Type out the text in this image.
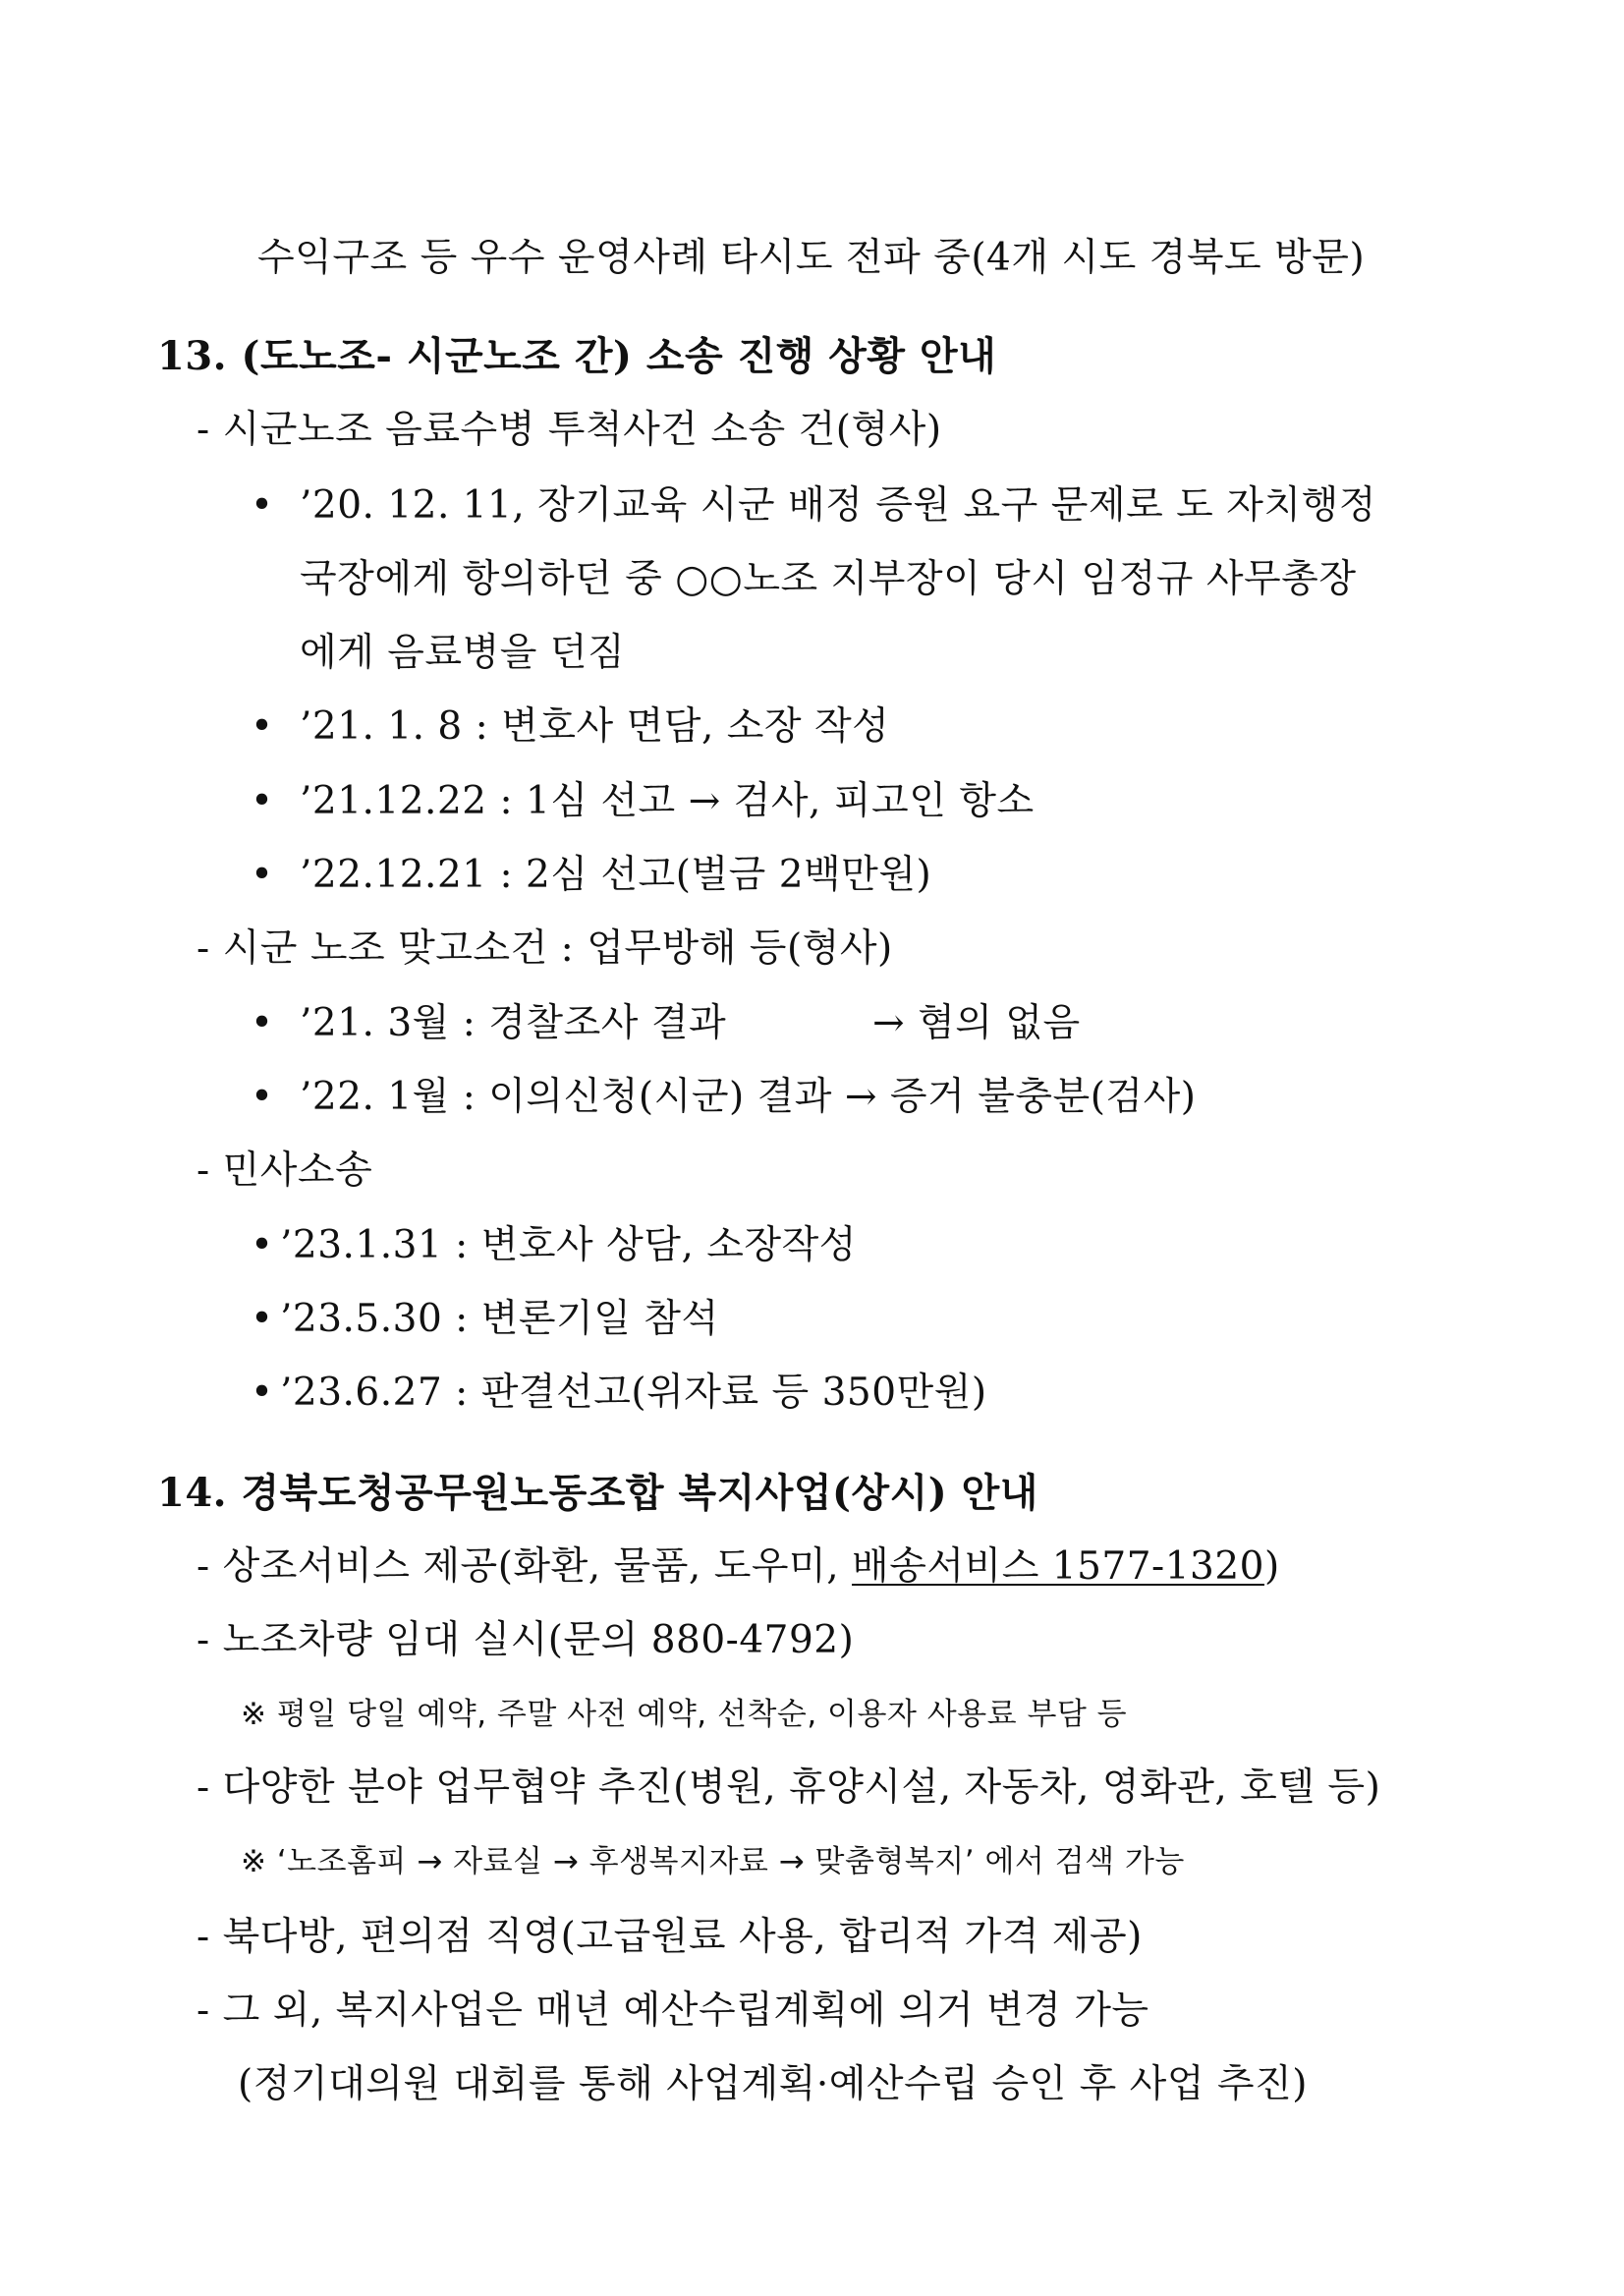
수익구조 등 우수 운영사례 타시도 전파 중(4개 시도 경북도 방문)
13. (도노조- 시군노조 간) 소송 진행 상황 안내
- 시군노조 음료수병 투척사건 소송 건(형사)
• ’20. 12. 11, 장기교육 시군 배정 증원 요구 문제로 도 자치행정
국장에게 항의하던 중 ○○노조 지부장이 당시 임정규 사무총장
에게 음료병을 던짐
• ’21. 1. 8 : 변호사 면담, 소장 작성
• ’21.12.22 : 1심 선고 → 검사, 피고인 항소
• ’22.12.21 : 2심 선고(벌금 2백만원)
- 시군 노조 맞고소건 : 업무방해 등(형사)
• ’21. 3월 : 경찰조사 결과	→ 혐의 없음
• ’22. 1월 : 이의신청(시군) 결과 → 증거 불충분(검사)
- 민사소송
• ’23.1.31 : 변호사 상담, 소장작성
• ’23.5.30 : 변론기일 참석
• ’23.6.27 : 판결선고(위자료 등 350만원)
14. 경북도청공무원노동조합 복지사업(상시) 안내
- 상조서비스 제공(화환, 물품, 도우미, 배송서비스 1577-1320)
- 노조차량 임대 실시(문의 880-4792)
※ 평일 당일 예약, 주말 사전 예약, 선착순, 이용자 사용료 부담 등
- 다양한 분야 업무협약 추진(병원, 휴양시설, 자동차, 영화관, 호텔 등)
※ ‘노조홈피 → 자료실 → 후생복지자료 → 맞춤형복지’ 에서 검색 가능
- 북다방, 편의점 직영(고급원료 사용, 합리적 가격 제공)
- 그 외, 복지사업은 매년 예산수립계획에 의거 변경 가능
(정기대의원 대회를 통해 사업계획·예산수립 승인 후 사업 추진)
